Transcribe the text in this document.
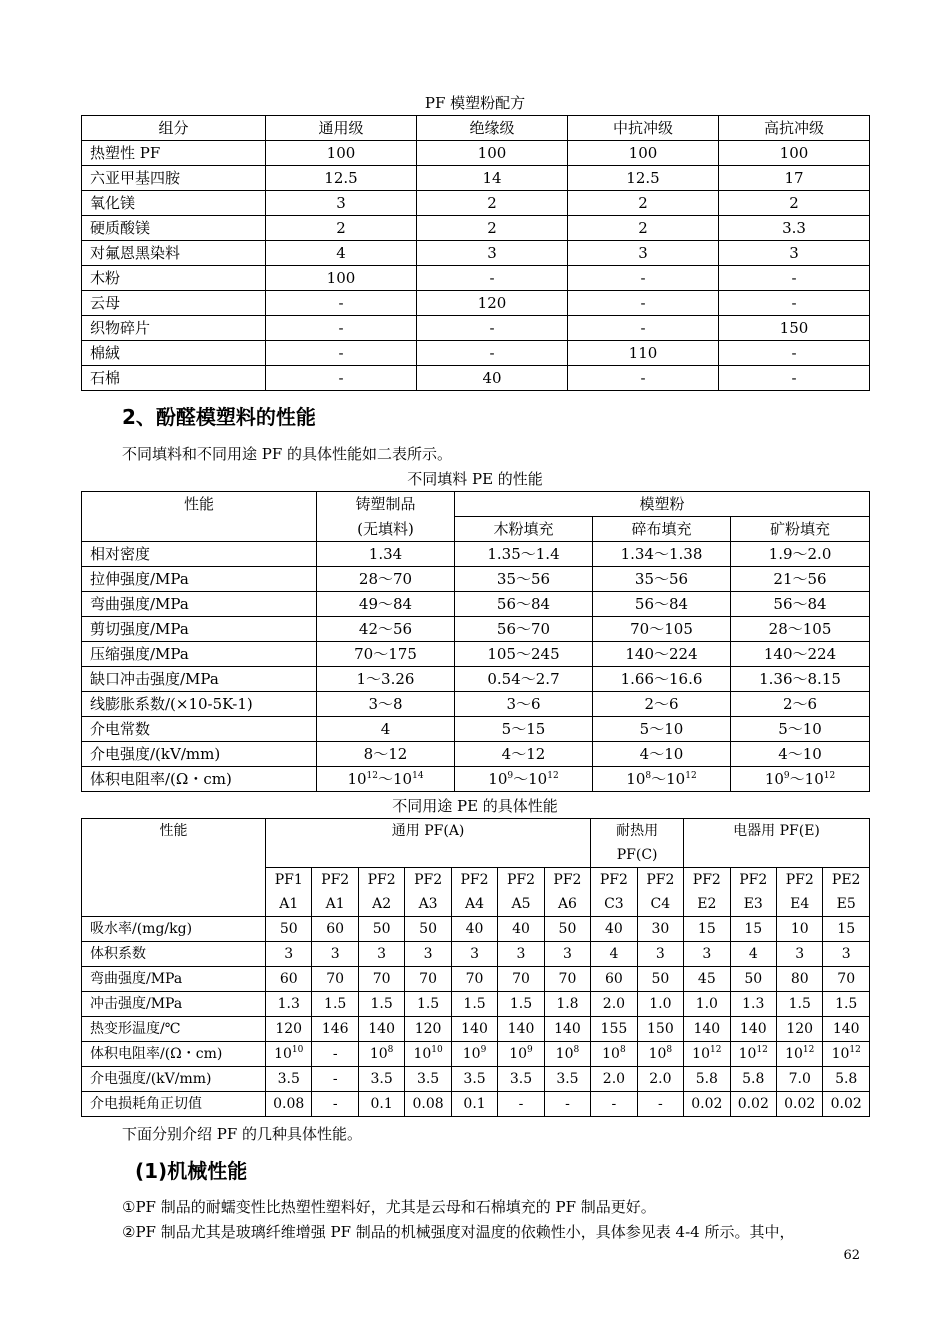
PF 模塑粉配方
组分	通用级	绝缘级	中抗冲级	高抗冲级
热塑性 PF	100	100	100	100
六亚甲基四胺	12.5	14	12.5	17
氧化镁	3	2	2	2
硬质酸镁	2	2	2	3.3
对氟恩黑染料	4	3	3	3
木粉	100	-	-	-
云母	-	120	-	-
织物碎片	-	-	-	150
棉絨	-	-	110	-
石棉	-	40	-	-
2、酚醛模塑料的性能
不同填料和不同用途 PF 的具体性能如二表所示。
不同填料 PE 的性能
性能	铸塑制品	模塑粉		
	(无填料)	木粉填充	碎布填充	矿粉填充
相对密度	1.34	1.35～1.4	1.34～1.38	1.9～2.0
拉伸强度/MPa	28～70	35～56	35～56	21～56
弯曲强度/MPa	49～84	56～84	56～84	56～84
剪切强度/MPa	42～56	56～70	70～105	28～105
压缩强度/MPa	70～175	105～245	140～224	140～224
缺口冲击强度/MPa	1～3.26	0.54～2.7	1.66～16.6	1.36～8.15
线膨胀系数/(×10-5K-1)	3～8	3～6	2～6	2～6
介电常数	4	5～15	5～10	5～10
介电强度/(kV/mm)	8～12	4～12	4～10	4～10
体积电阻率/(Ω・cm)	$10^{12}\sim 10^{14}$	$10^9\sim 10^{12}$	$10^8\sim 10^{12}$	$10^9\sim 10^{12}$
不同用途 PE 的具体性能
性能	通用 PF(A)							耐热用		电器用 PF(E)			
								PF(C)					
	PF1	PF2	PF2	PF2	PF2	PF2	PF2	PF2	PF2	PF2	PF2	PF2	PE2
	A1	A1	A2	A3	A4	A5	A6	C3	C4	E2	E3	E4	E5
吸水率/(mg/kg)	50	60	50	50	40	40	50	40	30	15	15	10	15
体积系数	3	3	3	3	3	3	3	4	3	3	4	3	3
弯曲强度/MPa	60	70	70	70	70	70	70	60	50	45	50	80	70
冲击强度/MPa	1.3	1.5	1.5	1.5	1.5	1.5	1.8	2.0	1.0	1.0	1.3	1.5	1.5
热变形温度/℃	120	146	140	120	140	140	140	155	150	140	140	120	140
体积电阻率/(Ω・cm)	$10^{10}$	-	$10^8$	$10^{10}$	$10^9$	$10^9$	$10^8$	$10^8$	$10^8$	$10^{12}$	$10^{12}$	$10^{12}$	$10^{12}$
介电强度/(kV/mm)	3.5	-	3.5	3.5	3.5	3.5	3.5	2.0	2.0	5.8	5.8	7.0	5.8
介电损耗角正切值	0.08	-	0.1	0.08	0.1	-	-	-	-	0.02	0.02	0.02	0.02
下面分别介绍 PF 的几种具体性能。
(1)机械性能
①PF 制品的耐蠕变性比热塑性塑料好，尤其是云母和石棉填充的 PF 制品更好。
②PF 制品尤其是玻璃纤维增强 PF 制品的机械强度对温度的依赖性小，具体参见表 4-4 所示。其中，
62
